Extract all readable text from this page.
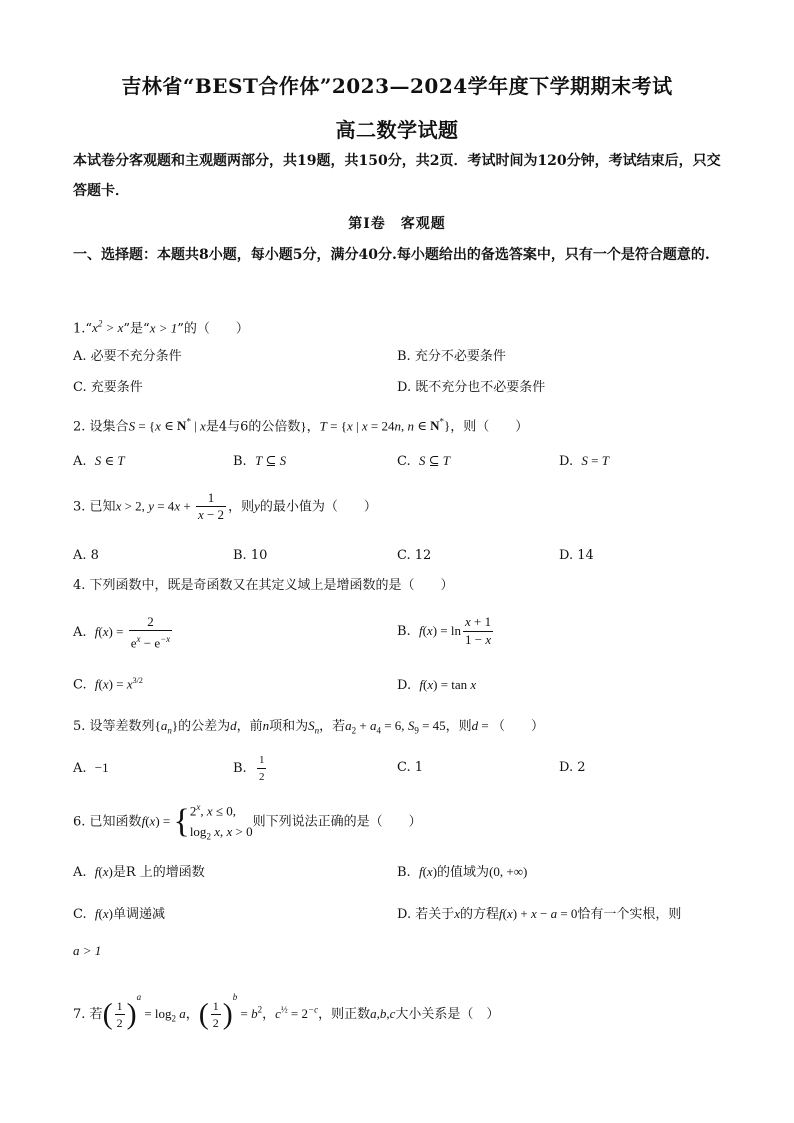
吉林省“BEST合作体”2023—2024学年度下学期期末考试
高二数学试题
本试卷分客观题和主观题两部分，共19题，共150分，共2页．考试时间为120分钟，考试结束后，只交答题卡．
第Ⅰ卷　客观题
一、选择题：本题共8小题，每小题5分，满分40分.每小题给出的备选答案中，只有一个是符合题意的.
$1.“x^2 > x$”是“x > 1”的（　　）
A. 必要不充分条件	B. 充分不必要条件
C. 充要条件	D. 既不充分也不必要条件
2. 设集合S = {x ∈ N* | x是4与6的公倍数}，T = {x | x = 24n, n ∈ N*}，则（　　）
A. S ∈ T	B. T ⊆ S	C. S ⊆ T	D. S = T
3. 已知x > 2, $y = 4x + \frac{1}{x - 2}$ ，则y的最小值为（　　）
A. 8	B. 10	C. 12	D. 14
4. 下列函数中，既是奇函数又在其定义域上是增函数的是（　　）
A. $f(x) = \frac{2}{e^x - e^{-x}}$	B. $f(x) = \ln \frac{x + 1}{1 - x}$
C. $f(x) = x^{3/2}$	D. f(x) = tan x
5. 设等差数列$\{a_n\}$的公差为d，前n项和为$S_n$，若$a_2 + a_4 = 6$, $S_9 = 45$，则d = （　　）
A. −1	B. $\frac{1}{2}$	C. 1	D. 2
6. 已知函数f(x) = { 2$^x$, x ≤ 0,
$\log_2 x$, x > 0
则下列说法正确的是（　　）
A. f(x)是R 上的增函数	B. f(x)的值域为(0, +∞)
C. f(x)单调递减	D. 若关于x的方程f(x) + x − a = 0恰有一个实根，则
a > 1
7. 若( $\frac{1}{2} )^a = \log_2 a$，( $\frac{1}{2} )^b = b^2$，$c^{\frac{1}{2}} = 2^{-c}$，则正数a,b,c大小关系是（　）
